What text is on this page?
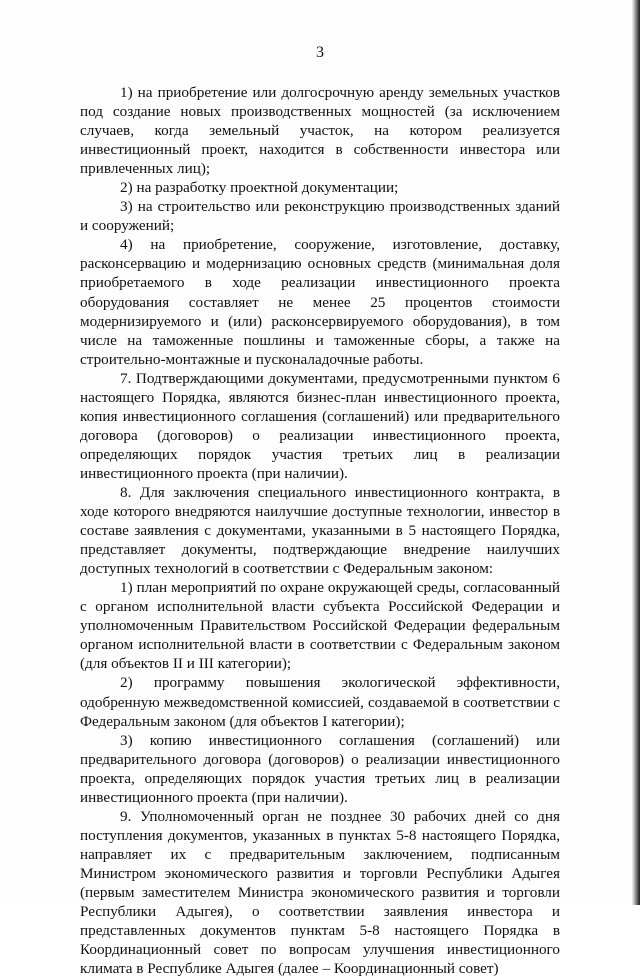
3

1) на приобретение или долгосрочную аренду земельных участков под создание новых производственных мощностей (за исключением случаев, когда земельный участок, на котором реализуется инвестиционный проект, находится в собственности инвестора или привлеченных лиц);

2) на разработку проектной документации;

3) на строительство или реконструкцию производственных зданий и сооружений;

4) на приобретение, сооружение, изготовление, доставку, расконсервацию и модернизацию основных средств (минимальная доля приобретаемого в ходе реализации инвестиционного проекта оборудования составляет не менее 25 процентов стоимости модернизируемого и (или) расконсервируемого оборудования), в том числе на таможенные пошлины и таможенные сборы, а также на строительно-монтажные и пусконаладочные работы.

7. Подтверждающими документами, предусмотренными пунктом 6 настоящего Порядка, являются бизнес-план инвестиционного проекта, копия инвестиционного соглашения (соглашений) или предварительного договора (договоров) о реализации инвестиционного проекта, определяющих порядок участия третьих лиц в реализации инвестиционного проекта (при наличии).

8. Для заключения специального инвестиционного контракта, в ходе которого внедряются наилучшие доступные технологии, инвестор в составе заявления с документами, указанными в 5 настоящего Порядка, представляет документы, подтверждающие внедрение наилучших доступных технологий в соответствии с Федеральным законом:

1) план мероприятий по охране окружающей среды, согласованный с органом исполнительной власти субъекта Российской Федерации и уполномоченным Правительством Российской Федерации федеральным органом исполнительной власти в соответствии с Федеральным законом (для объектов II и III категории);

2) программу повышения экологической эффективности, одобренную межведомственной комиссией, создаваемой в соответствии с Федеральным законом (для объектов I категории);

3) копию инвестиционного соглашения (соглашений) или предварительного договора (договоров) о реализации инвестиционного проекта, определяющих порядок участия третьих лиц в реализации инвестиционного проекта (при наличии).

9. Уполномоченный орган не позднее 30 рабочих дней со дня поступления документов, указанных в пунктах 5-8 настоящего Порядка, направляет их с предварительным заключением, подписанным Министром экономического развития и торговли Республики Адыгея (первым заместителем Министра экономического развития и торговли Республики Адыгея), о соответствии заявления инвестора и представленных документов пунктам 5-8 настоящего Порядка в Координационный совет по вопросам улучшения инвестиционного климата в Республике Адыгея (далее – Координационный совет)
